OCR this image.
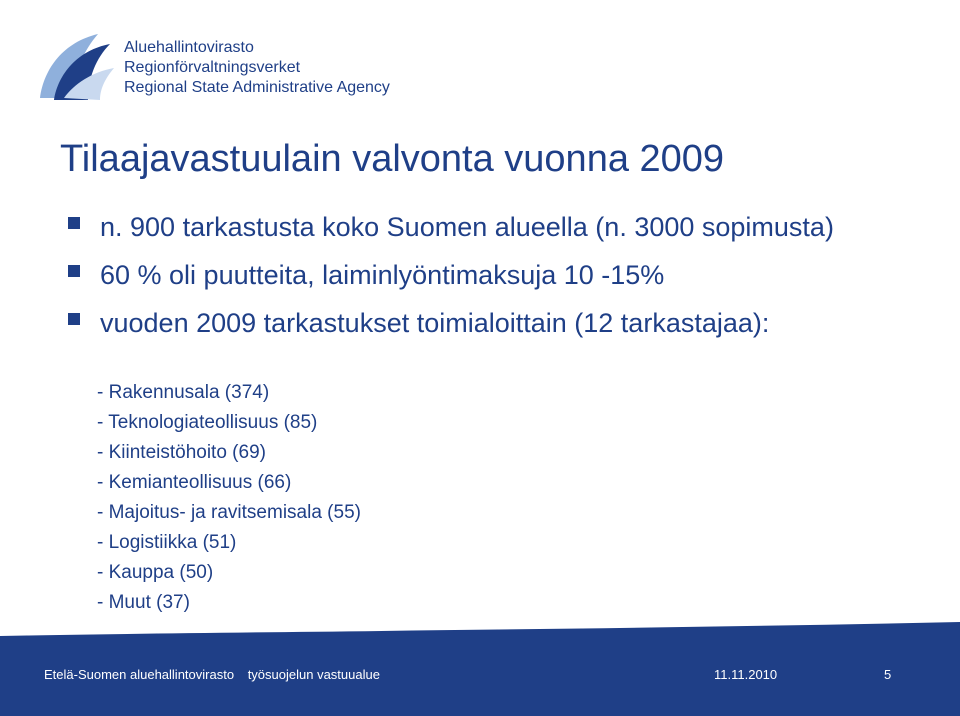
Aluehallintovirasto
Regionförvaltningsverket
Regional State Administrative Agency
Tilaajavastuulain valvonta vuonna 2009
n. 900 tarkastusta koko Suomen alueella (n. 3000 sopimusta)
60 % oli puutteita, laiminlyöntimaksuja 10 -15%
vuoden 2009 tarkastukset toimialoittain (12 tarkastajaa):
- Rakennusala (374)
- Teknologiateollisuus (85)
- Kiinteistöhoito (69)
- Kemianteollisuus (66)
- Majoitus- ja ravitsemisala (55)
- Logistiikka (51)
- Kauppa (50)
- Muut (37)
Etelä-Suomen aluehallintovirasto työsuojelun vastuualue	11.11.2010	5
